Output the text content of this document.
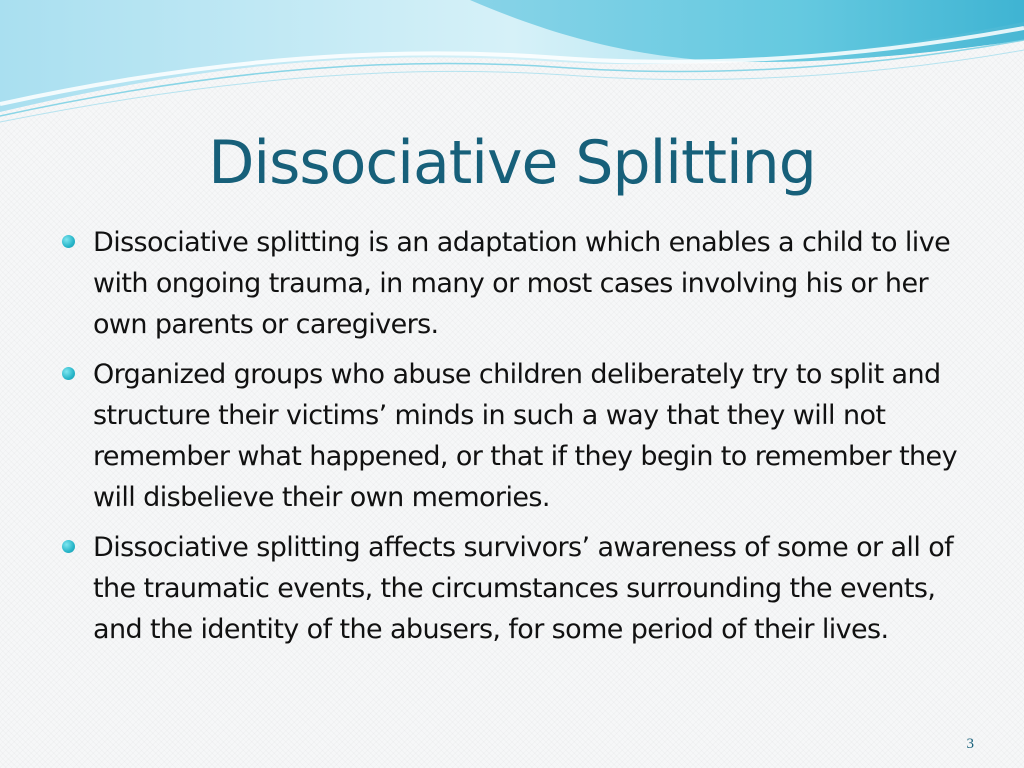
Dissociative Splitting
Dissociative splitting is an adaptation which enables a child to live with ongoing trauma, in many or most cases involving his or her own parents or caregivers.
Organized groups who abuse children deliberately try to split and structure their victims’ minds in such a way that they will not remember what happened, or that if they begin to remember they will disbelieve their own memories.
Dissociative splitting affects survivors’ awareness of some or all of the traumatic events, the circumstances surrounding the events, and the identity of the abusers, for some period of their lives.
3
